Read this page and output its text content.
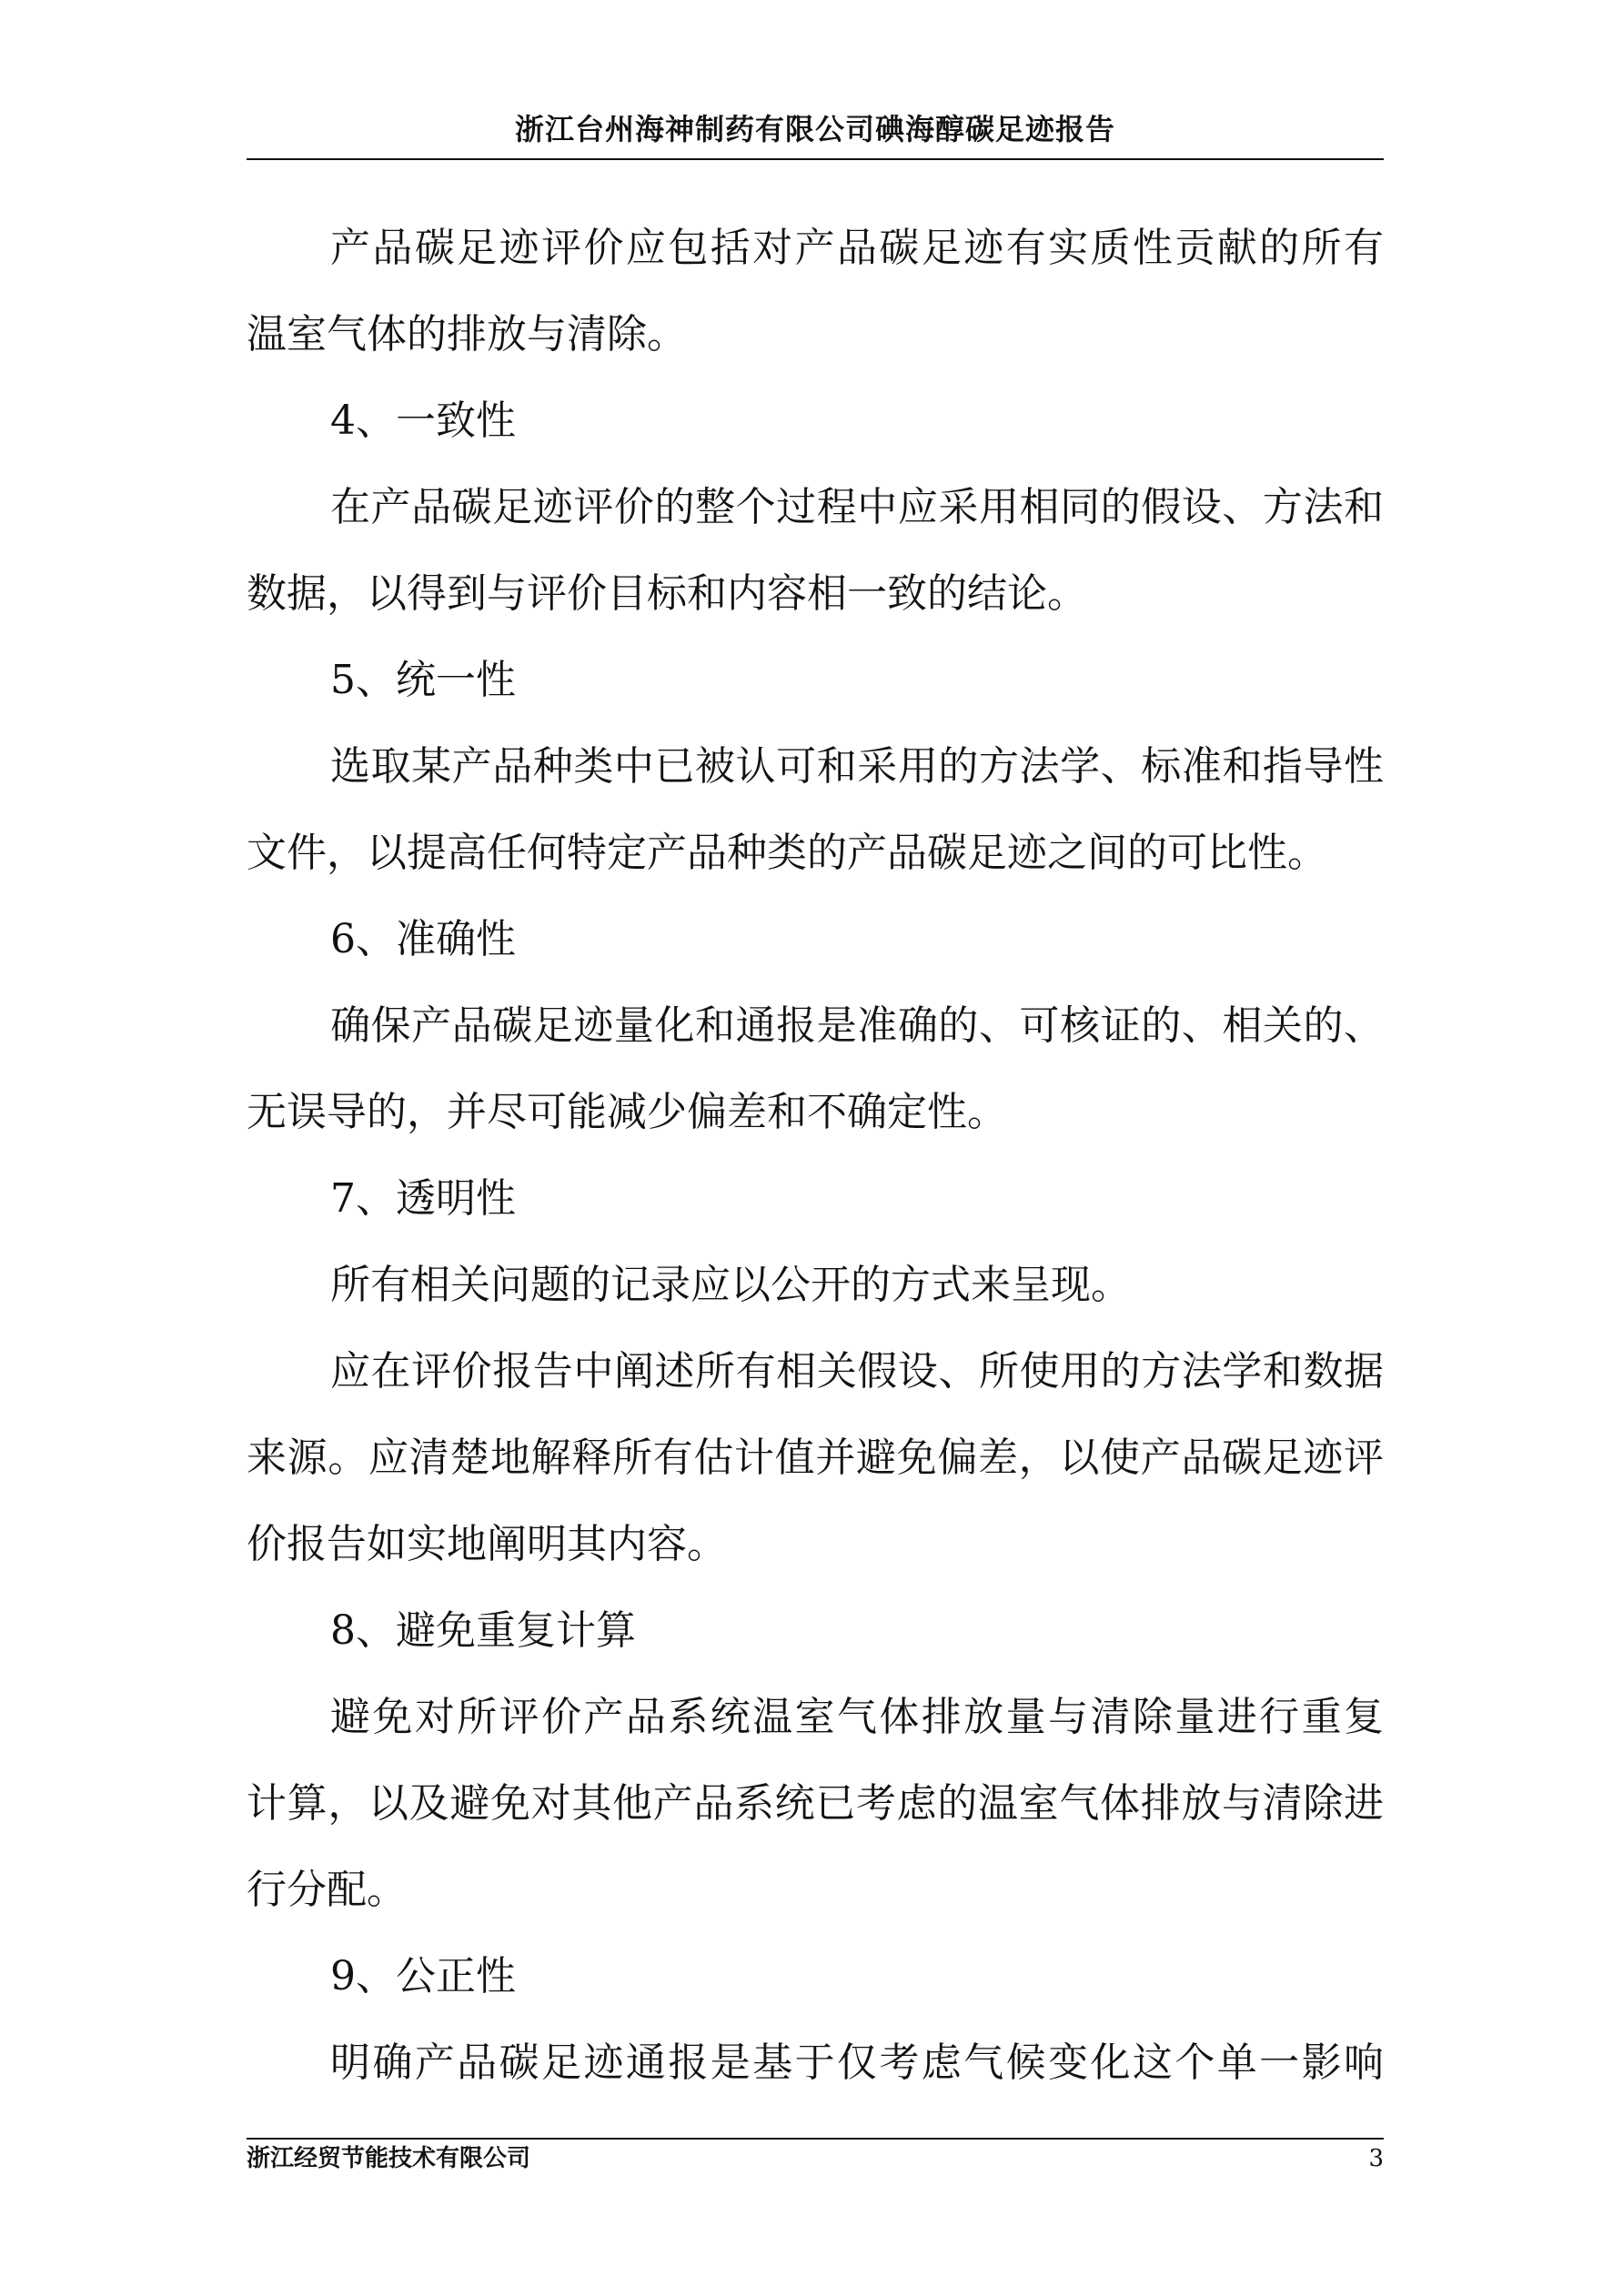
浙江台州海神制药有限公司碘海醇碳足迹报告
产品碳足迹评价应包括对产品碳足迹有实质性贡献的所有
温室气体的排放与清除。
4、一致性
在产品碳足迹评价的整个过程中应采用相同的假设、方法和
数据，以得到与评价目标和内容相一致的结论。
5、统一性
选取某产品种类中已被认可和采用的方法学、标准和指导性
文件，以提高任何特定产品种类的产品碳足迹之间的可比性。
6、准确性
确保产品碳足迹量化和通报是准确的、可核证的、相关的、
无误导的，并尽可能减少偏差和不确定性。
7、透明性
所有相关问题的记录应以公开的方式来呈现。
应在评价报告中阐述所有相关假设、所使用的方法学和数据
来源。应清楚地解释所有估计值并避免偏差，以使产品碳足迹评
价报告如实地阐明其内容。
8、避免重复计算
避免对所评价产品系统温室气体排放量与清除量进行重复
计算，以及避免对其他产品系统已考虑的温室气体排放与清除进
行分配。
9、公正性
明确产品碳足迹通报是基于仅考虑气候变化这个单一影响
浙江经贸节能技术有限公司	3
